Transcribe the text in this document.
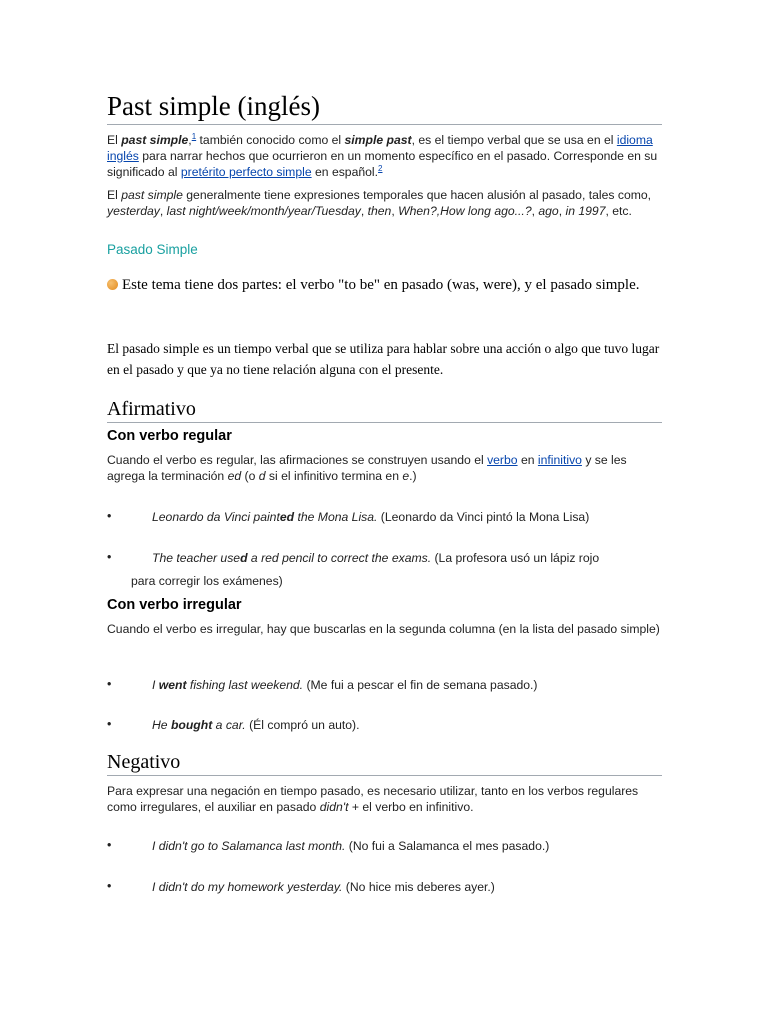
Past simple (inglés)
El past simple,$^1$ también conocido como el simple past, es el tiempo verbal que se usa en el idioma inglés para narrar hechos que ocurrieron en un momento específico en el pasado. Corresponde en su significado al pretérito perfecto simple en español.$^2$
El past simple generalmente tiene expresiones temporales que hacen alusión al pasado, tales como, yesterday, last night/week/month/year/Tuesday, then, When?,How long ago...?, ago, in 1997, etc.
Pasado Simple
Este tema tiene dos partes: el verbo "to be" en pasado (was, were), y el pasado simple.
El pasado simple es un tiempo verbal que se utiliza para hablar sobre una acción o algo que tuvo lugar en el pasado y que ya no tiene relación alguna con el presente.
Afirmativo
Con verbo regular
Cuando el verbo es regular, las afirmaciones se construyen usando el verbo en infinitivo y se les agrega la terminación ed (o d si el infinitivo termina en e.)
•	Leonardo da Vinci painted the Mona Lisa. (Leonardo da Vinci pintó la Mona Lisa)
•	The teacher used a red pencil to correct the exams. (La profesora usó un lápiz rojo
para corregir los exámenes)
Con verbo irregular
Cuando el verbo es irregular, hay que buscarlas en la segunda columna (en la lista del pasado simple)
•	I went fishing last weekend. (Me fui a pescar el fin de semana pasado.)
•	He bought a car. (Él compró un auto).
Negativo
Para expresar una negación en tiempo pasado, es necesario utilizar, tanto en los verbos regulares como irregulares, el auxiliar en pasado didn't + el verbo en infinitivo.
•	I didn't go to Salamanca last month. (No fui a Salamanca el mes pasado.)
•	I didn't do my homework yesterday. (No hice mis deberes ayer.)
